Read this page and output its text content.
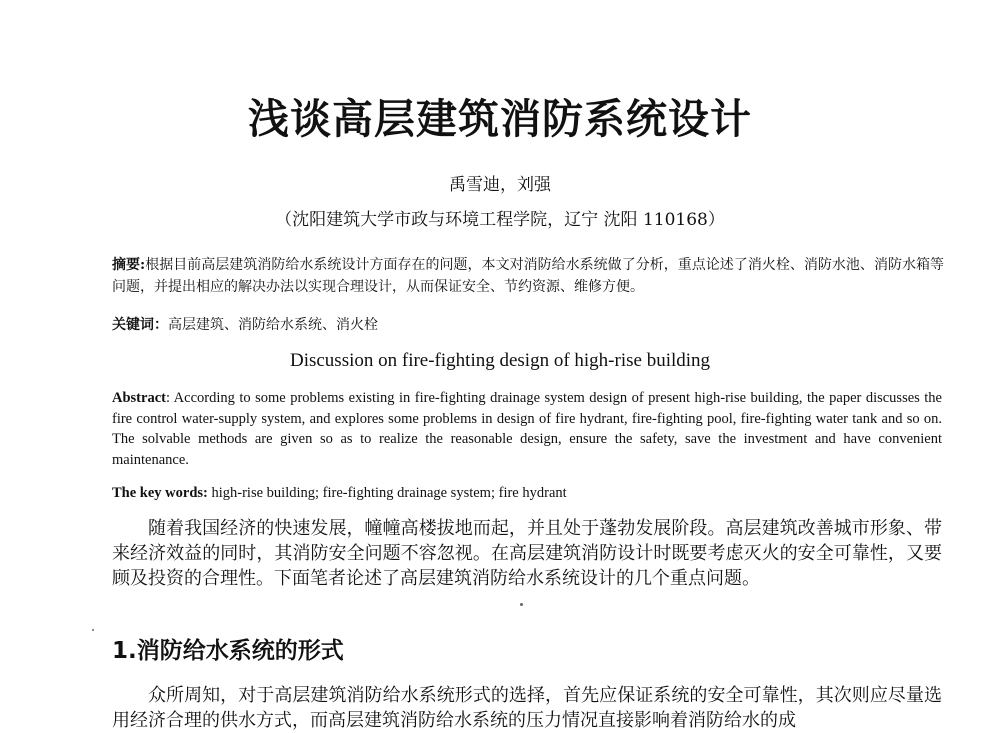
浅谈高层建筑消防系统设计
禹雪迪，刘强
（沈阳建筑大学市政与环境工程学院，辽宁 沈阳 110168）
摘要:根据目前高层建筑消防给水系统设计方面存在的问题，本文对消防给水系统做了分析，重点论述了消火栓、消防水池、消防水箱等问题，并提出相应的解决办法以实现合理设计，从而保证安全、节约资源、维修方便。
关键词：高层建筑、消防给水系统、消火栓
Discussion on fire-fighting design of high-rise building
Abstract: According to some problems existing in fire-fighting drainage system design of present high-rise building, the paper discusses the fire control water-supply system, and explores some problems in design of fire hydrant, fire-fighting pool, fire-fighting water tank and so on. The solvable methods are given so as to realize the reasonable design, ensure the safety, save the investment and have convenient maintenance.
The key words: high-rise building; fire-fighting drainage system; fire hydrant
随着我国经济的快速发展，幢幢高楼拔地而起，并且处于蓬勃发展阶段。高层建筑改善城市形象、带来经济效益的同时，其消防安全问题不容忽视。在高层建筑消防设计时既要考虑灭火的安全可靠性，又要顾及投资的合理性。下面笔者论述了高层建筑消防给水系统设计的几个重点问题。
1.消防给水系统的形式
众所周知，对于高层建筑消防给水系统形式的选择，首先应保证系统的安全可靠性，其次则应尽量选用经济合理的供水方式，而高层建筑消防给水系统的压力情况直接影响着消防给水的成
